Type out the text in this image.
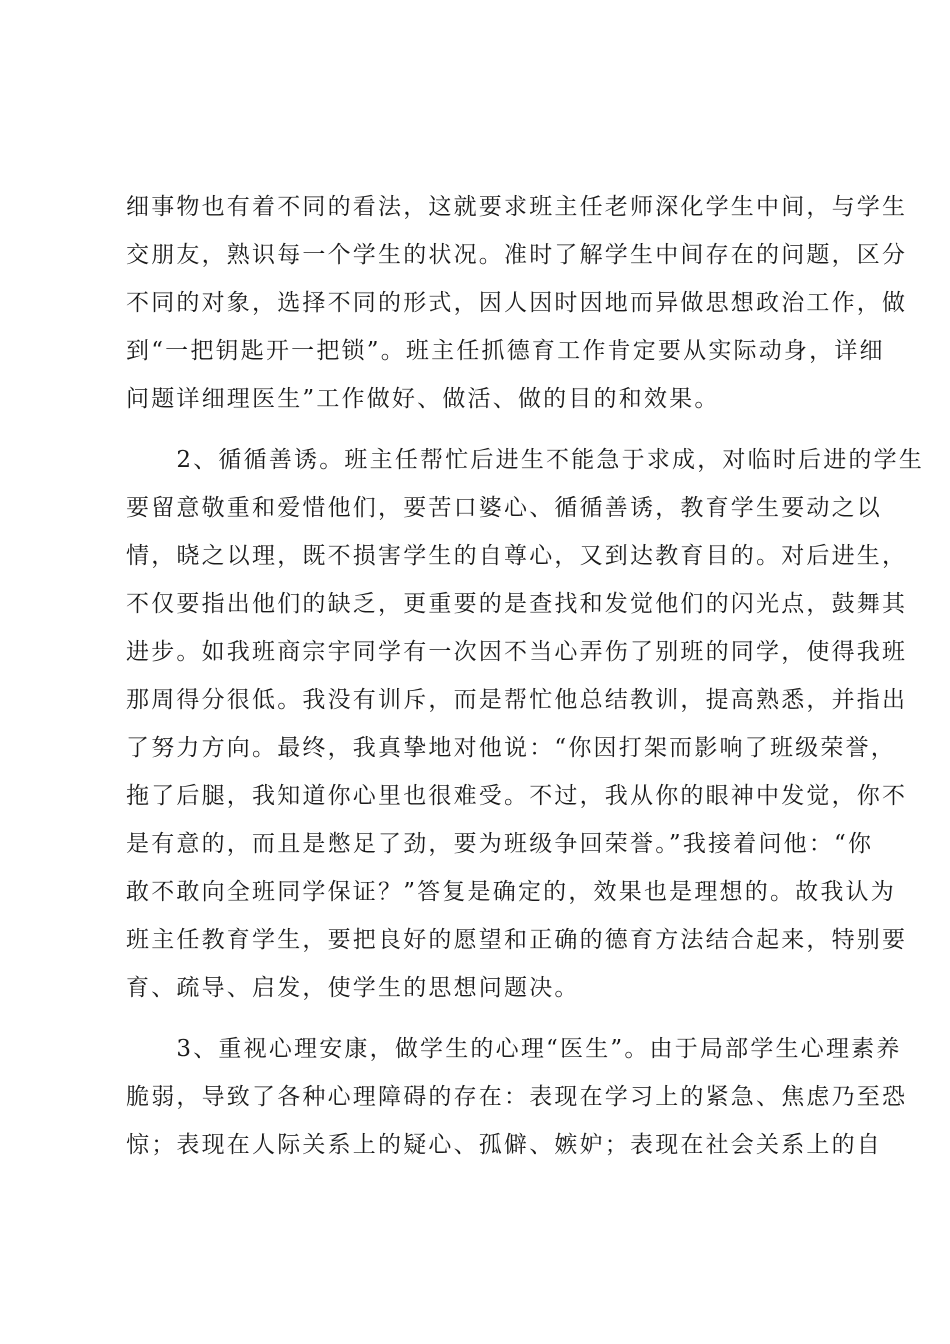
细事物也有着不同的看法，这就要求班主任老师深化学生中间，与学生
交朋友，熟识每一个学生的状况。准时了解学生中间存在的问题，区分
不同的对象，选择不同的形式，因人因时因地而异做思想政治工作，做
到“一把钥匙开一把锁”。班主任抓德育工作肯定要从实际动身，详细
问题详细理医生”工作做好、做活、做的目的和效果。
　　2、循循善诱。班主任帮忙后进生不能急于求成，对临时后进的学生
要留意敬重和爱惜他们，要苦口婆心、循循善诱，教育学生要动之以
情，晓之以理，既不损害学生的自尊心，又到达教育目的。对后进生，
不仅要指出他们的缺乏，更重要的是查找和发觉他们的闪光点，鼓舞其
进步。如我班商宗宇同学有一次因不当心弄伤了别班的同学，使得我班
那周得分很低。我没有训斥，而是帮忙他总结教训，提高熟悉，并指出
了努力方向。最终，我真挚地对他说：“你因打架而影响了班级荣誉，
拖了后腿，我知道你心里也很难受。不过，我从你的眼神中发觉，你不
是有意的，而且是憋足了劲，要为班级争回荣誉。”我接着问他：“你
敢不敢向全班同学保证？”答复是确定的，效果也是理想的。故我认为
班主任教育学生，要把良好的愿望和正确的德育方法结合起来，特别要
育、疏导、启发，使学生的思想问题决。
　　3、重视心理安康，做学生的心理“医生”。由于局部学生心理素养
脆弱，导致了各种心理障碍的存在：表现在学习上的紧急、焦虑乃至恐
惊；表现在人际关系上的疑心、孤僻、嫉妒；表现在社会关系上的自
